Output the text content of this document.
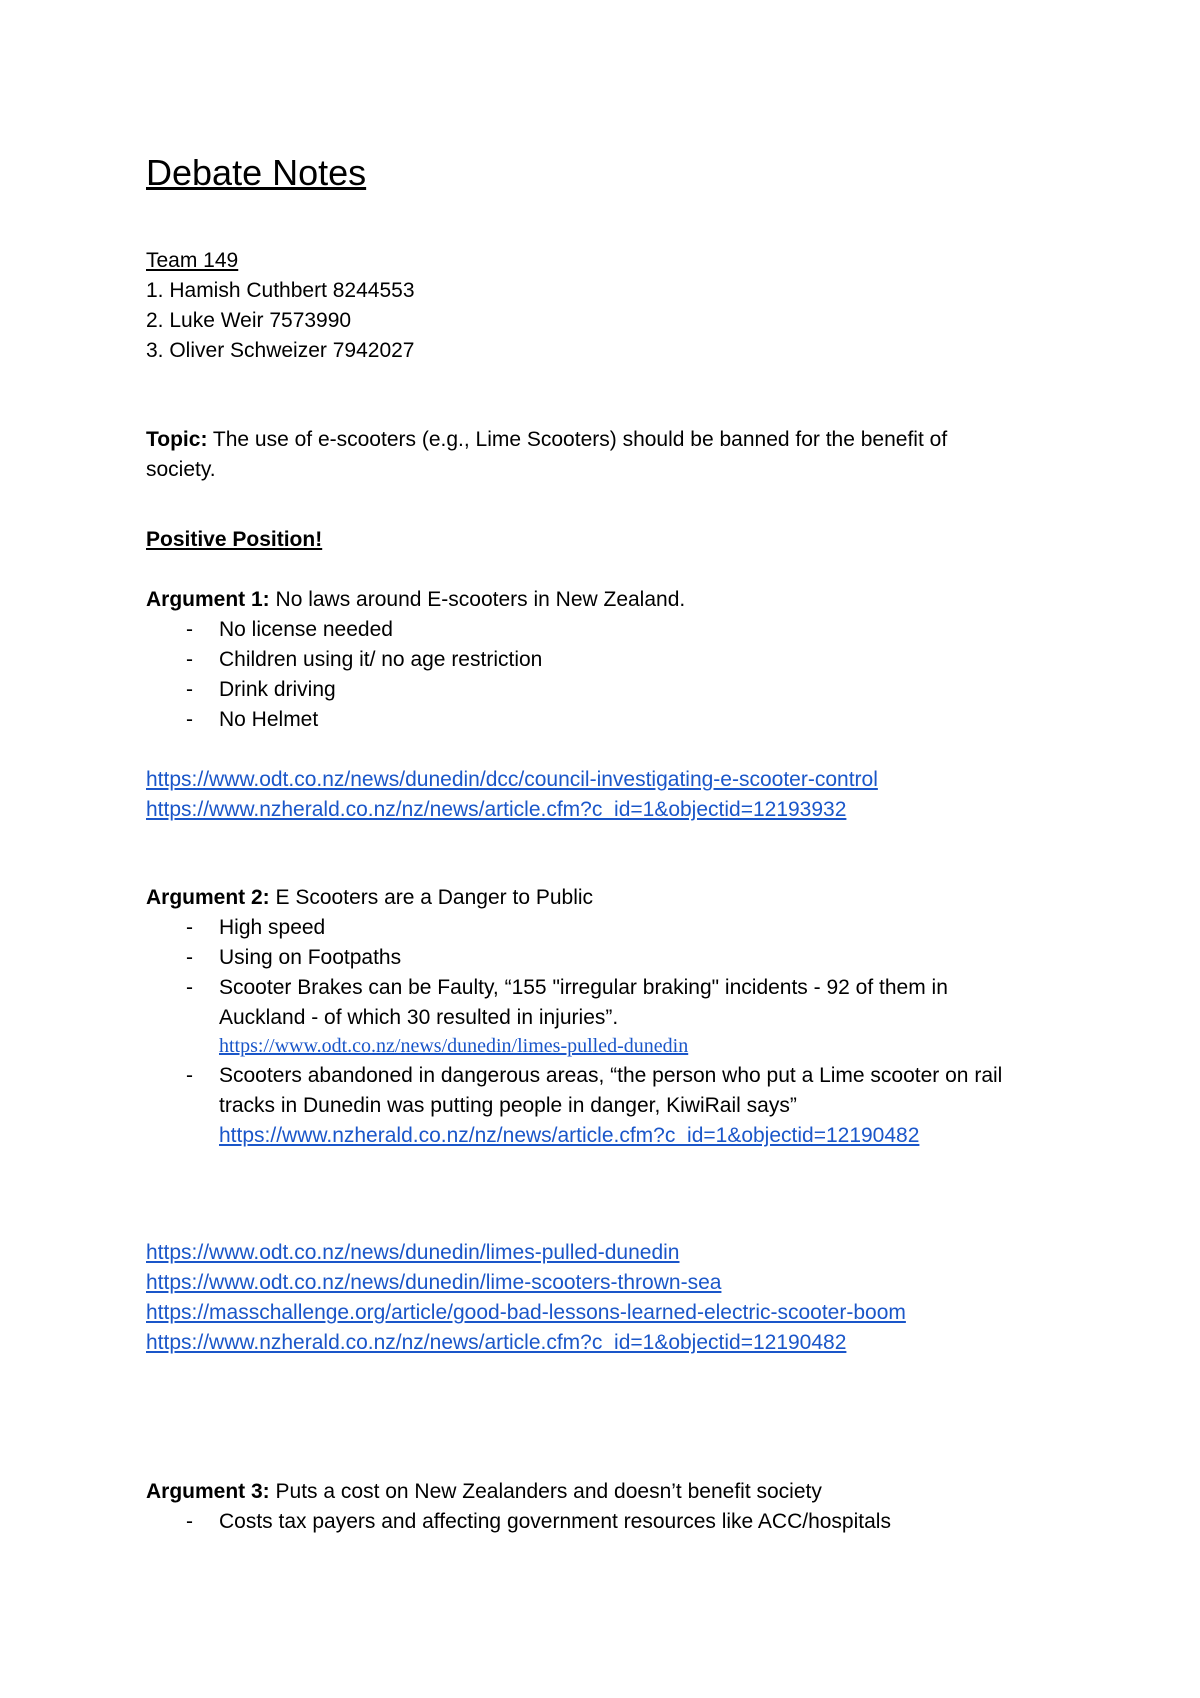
Debate Notes
Team 149
1. Hamish Cuthbert 8244553
2. Luke Weir 7573990
3. Oliver Schweizer 7942027
Topic: The use of e-scooters (e.g., Lime Scooters) should be banned for the benefit of
society.
Positive Position!
Argument 1: No laws around E-scooters in New Zealand.
- No license needed
- Children using it/ no age restriction
- Drink driving
- No Helmet
https://www.odt.co.nz/news/dunedin/dcc/council-investigating-e-scooter-control
https://www.nzherald.co.nz/nz/news/article.cfm?c_id=1&objectid=12193932
Argument 2: E Scooters are a Danger to Public
- High speed
- Using on Footpaths
- Scooter Brakes can be Faulty, “155 "irregular braking" incidents - 92 of them in
Auckland - of which 30 resulted in injuries”.
https://www.odt.co.nz/news/dunedin/limes-pulled-dunedin
- Scooters abandoned in dangerous areas, “the person who put a Lime scooter on rail
tracks in Dunedin was putting people in danger, KiwiRail says”
https://www.nzherald.co.nz/nz/news/article.cfm?c_id=1&objectid=12190482
https://www.odt.co.nz/news/dunedin/limes-pulled-dunedin
https://www.odt.co.nz/news/dunedin/lime-scooters-thrown-sea
https://masschallenge.org/article/good-bad-lessons-learned-electric-scooter-boom
https://www.nzherald.co.nz/nz/news/article.cfm?c_id=1&objectid=12190482
Argument 3: Puts a cost on New Zealanders and doesn’t benefit society
- Costs tax payers and affecting government resources like ACC/hospitals
